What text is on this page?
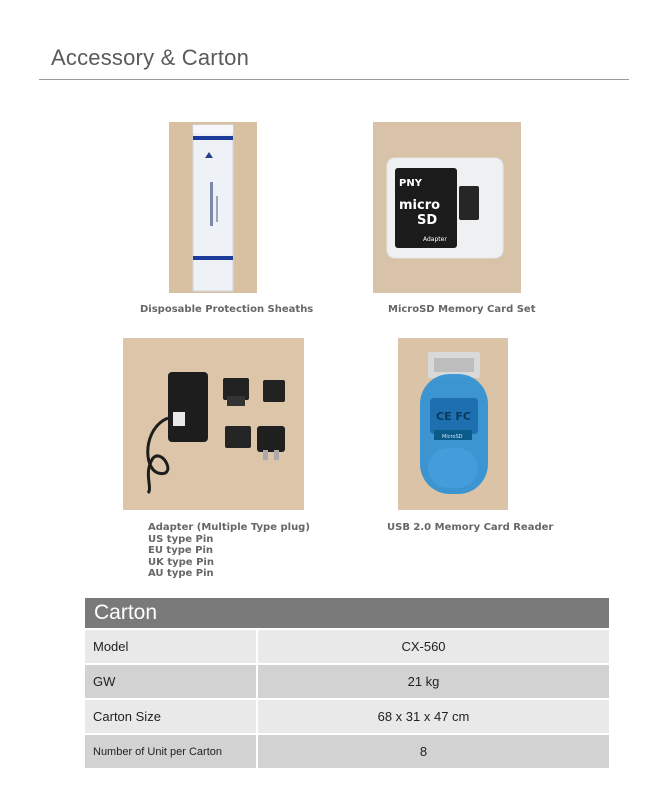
Accessory & Carton
Disposable Protection Sheaths
PNY
micro
SD
Adapter
MicroSD Memory Card Set
Adapter (Multiple Type plug)
US type Pin
EU type Pin
UK type Pin
AU type Pin
CE FC
MicroSD
USB 2.0 Memory Card Reader
Carton
Model	CX-560
GW	21 kg
Carton Size	68 x 31 x 47 cm
Number of Unit per Carton	8
